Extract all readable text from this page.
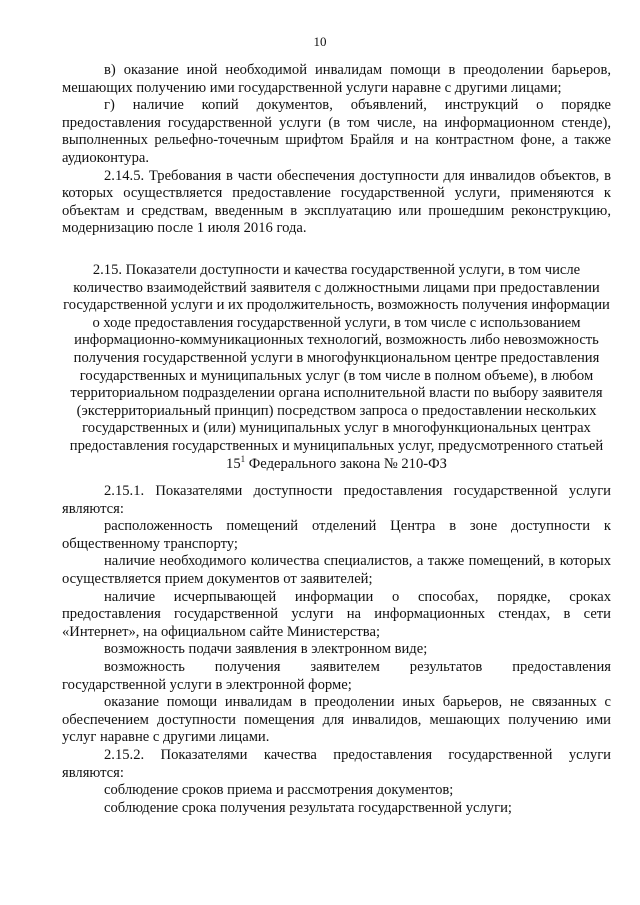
10

в) оказание иной необходимой инвалидам помощи в преодолении барьеров, мешающих получению ими государственной услуги наравне с другими лицами;

г) наличие копий документов, объявлений, инструкций о порядке предоставления государственной услуги (в том числе, на информационном стенде), выполненных рельефно-точечным шрифтом Брайля и на контрастном фоне, а также аудиоконтура.

2.14.5. Требования в части обеспечения доступности для инвалидов объектов, в которых осуществляется предоставление государственной услуги, применяются к объектам и средствам, введенным в эксплуатацию или прошедшим реконструкцию, модернизацию после 1 июля 2016 года.

2.15. Показатели доступности и качества государственной услуги, в том числе количество взаимодействий заявителя с должностными лицами при предоставлении государственной услуги и их продолжительность, возможность получения информации о ходе предоставления государственной услуги, в том числе с использованием информационно-коммуникационных технологий, возможность либо невозможность получения государственной услуги в многофункциональном центре предоставления государственных и муниципальных услуг (в том числе в полном объеме), в любом территориальном подразделении органа исполнительной власти по выбору заявителя (экстерриториальный принцип) посредством запроса о предоставлении нескольких государственных и (или) муниципальных услуг в многофункциональных центрах предоставления государственных и муниципальных услуг, предусмотренного статьей $15^1$ Федерального закона № 210-ФЗ

2.15.1. Показателями доступности предоставления государственной услуги являются:

расположенность помещений отделений Центра в зоне доступности к общественному транспорту;

наличие необходимого количества специалистов, а также помещений, в которых осуществляется прием документов от заявителей;

наличие исчерпывающей информации о способах, порядке, сроках предоставления государственной услуги на информационных стендах, в сети «Интернет», на официальном сайте Министерства;

возможность подачи заявления в электронном виде;

возможность получения заявителем результатов предоставления государственной услуги в электронной форме;

оказание помощи инвалидам в преодолении иных барьеров, не связанных с обеспечением доступности помещения для инвалидов, мешающих получению ими услуг наравне с другими лицами.

2.15.2. Показателями качества предоставления государственной услуги являются:

соблюдение сроков приема и рассмотрения документов;

соблюдение срока получения результата государственной услуги;
